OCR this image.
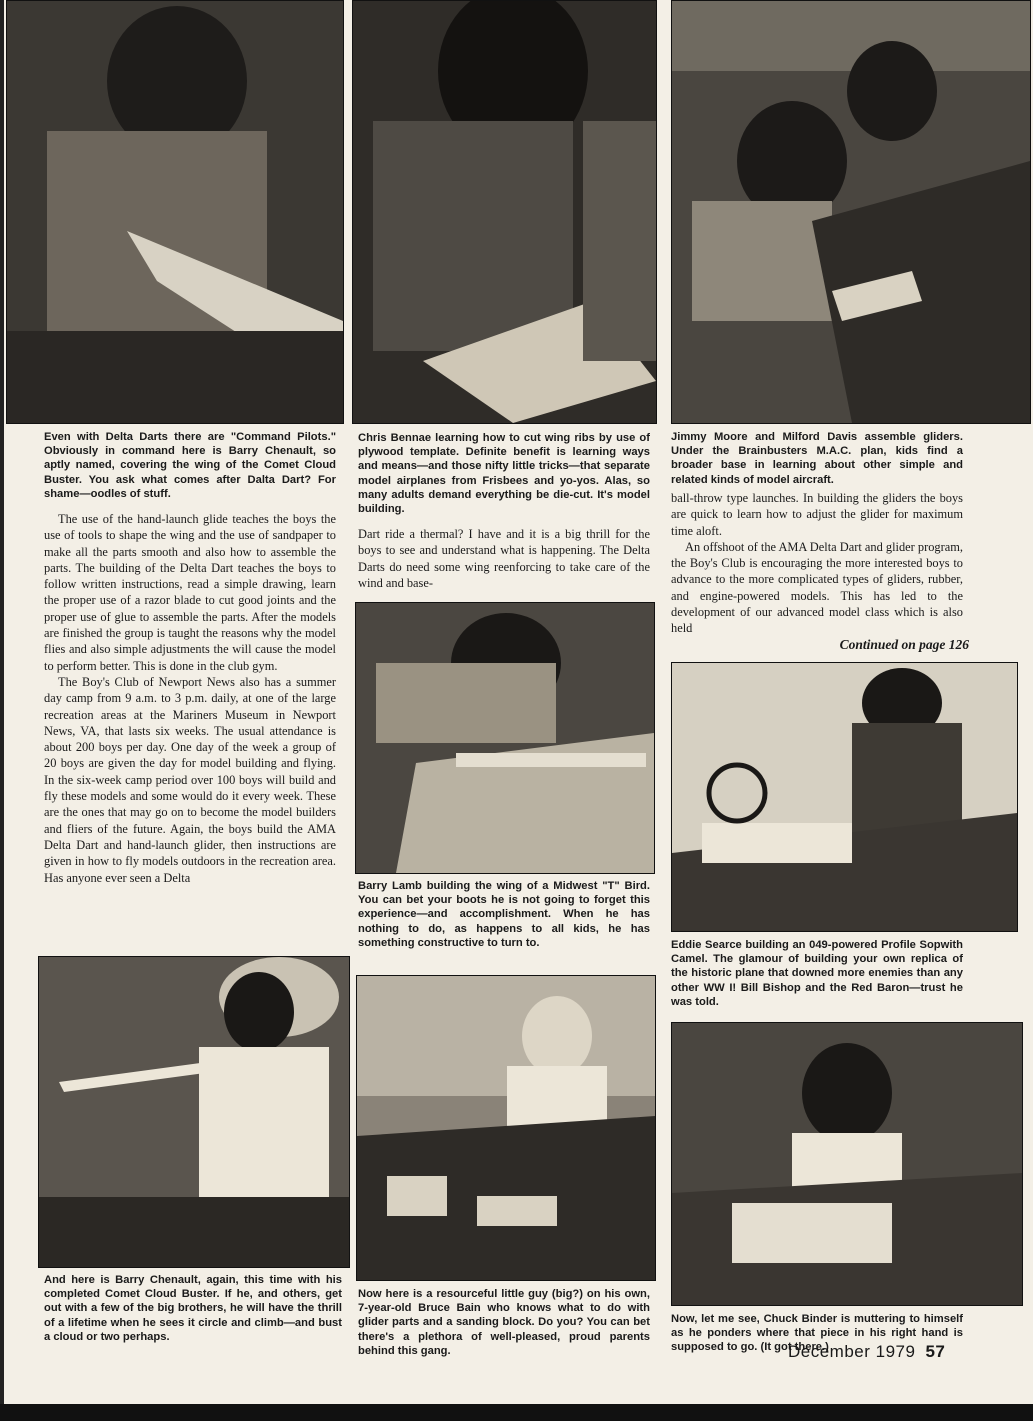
Even with Delta Darts there are "Command Pilots." Obviously in command here is Barry Chenault, so aptly named, covering the wing of the Comet Cloud Buster. You ask what comes after Dalta Dart? For shame—oodles of stuff.

Chris Bennae learning how to cut wing ribs by use of plywood template. Definite benefit is learning ways and means—and those nifty little tricks—that separate model airplanes from Frisbees and yo-yos. Alas, so many adults demand everything be die-cut. It's model building.

Jimmy Moore and Milford Davis assemble gliders. Under the Brainbusters M.A.C. plan, kids find a broader base in learning about other simple and related kinds of model aircraft.

The use of the hand-launch glide teaches the boys the use of tools to shape the wing and the use of sandpaper to make all the parts smooth and also how to assemble the parts. The building of the Delta Dart teaches the boys to follow written instructions, read a simple drawing, learn the proper use of a razor blade to cut good joints and the proper use of glue to assemble the parts. After the models are finished the group is taught the reasons why the model flies and also simple adjustments the will cause the model to perform better. This is done in the club gym.

The Boy's Club of Newport News also has a summer day camp from 9 a.m. to 3 p.m. daily, at one of the large recreation areas at the Mariners Museum in Newport News, VA, that lasts six weeks. The usual attendance is about 200 boys per day. One day of the week a group of 20 boys are given the day for model building and flying. In the six-week camp period over 100 boys will build and fly these models and some would do it every week. These are the ones that may go on to become the model builders and fliers of the future. Again, the boys build the AMA Delta Dart and hand-launch glider, then instructions are given in how to fly models outdoors in the recreation area. Has anyone ever seen a Delta

Dart ride a thermal? I have and it is a big thrill for the boys to see and understand what is happening. The Delta Darts do need some wing reenforcing to take care of the wind and base-

ball-throw type launches. In building the gliders the boys are quick to learn how to adjust the glider for maximum time aloft.

An offshoot of the AMA Delta Dart and glider program, the Boy's Club is encouraging the more interested boys to advance to the more complicated types of gliders, rubber, and engine-powered models. This has led to the development of our advanced model class which is also held

Continued on page 126

Barry Lamb building the wing of a Midwest "T" Bird. You can bet your boots he is not going to forget this experience—and accomplishment. When he has nothing to do, as happens to all kids, he has something constructive to turn to.	Eddie Searce building an 049-powered Profile Sopwith Camel. The glamour of building your own replica of the historic plane that downed more enemies than any other WW I! Bill Bishop and the Red Baron—trust he was told.

And here is Barry Chenault, again, this time with his completed Comet Cloud Buster. If he, and others, get out with a few of the big brothers, he will have the thrill of a lifetime when he sees it circle and climb—and bust a cloud or two perhaps.

Now here is a resourceful little guy (big?) on his own, 7-year-old Bruce Bain who knows what to do with glider parts and a sanding block. Do you? You can bet there's a plethora of well-pleased, proud parents behind this gang.

Now, let me see, Chuck Binder is muttering to himself as he ponders where that piece in his right hand is supposed to go. (It got there.)

December 1979 57
